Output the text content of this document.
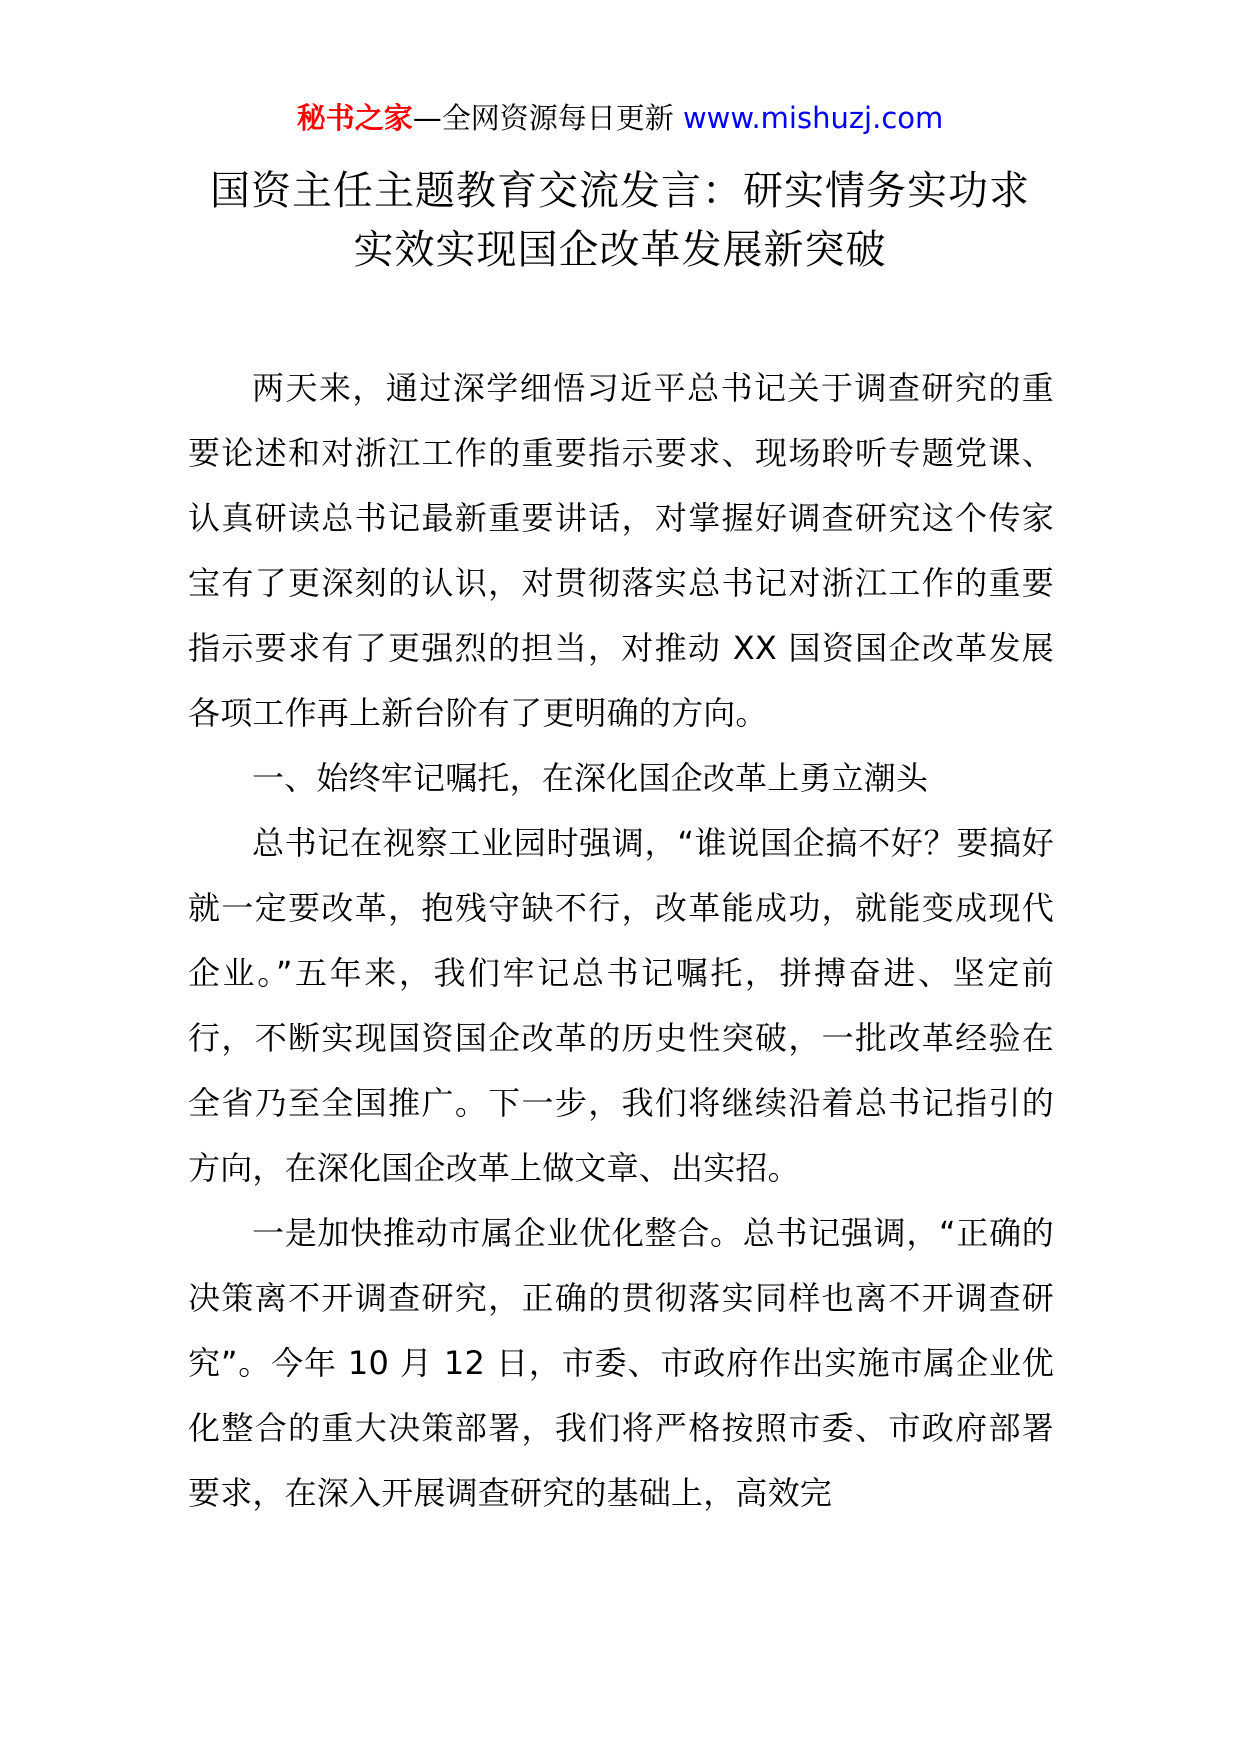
秘书之家—全网资源每日更新 www.mishuzj.com
国资主任主题教育交流发言：研实情务实功求
实效实现国企改革发展新突破

两天来，通过深学细悟习近平总书记关于调查研究的重要论述和对浙江工作的重要指示要求、现场聆听专题党课、认真研读总书记最新重要讲话，对掌握好调查研究这个传家宝有了更深刻的认识，对贯彻落实总书记对浙江工作的重要指示要求有了更强烈的担当，对推动 XX 国资国企改革发展各项工作再上新台阶有了更明确的方向。

一、始终牢记嘱托，在深化国企改革上勇立潮头

总书记在视察工业园时强调，“谁说国企搞不好？要搞好就一定要改革，抱残守缺不行，改革能成功，就能变成现代企业。”五年来，我们牢记总书记嘱托，拼搏奋进、坚定前行，不断实现国资国企改革的历史性突破，一批改革经验在全省乃至全国推广。下一步，我们将继续沿着总书记指引的方向，在深化国企改革上做文章、出实招。

一是加快推动市属企业优化整合。总书记强调，“正确的决策离不开调查研究，正确的贯彻落实同样也离不开调查研究”。今年 10 月 12 日，市委、市政府作出实施市属企业优化整合的重大决策部署，我们将严格按照市委、市政府部署要求，在深入开展调查研究的基础上，高效完
